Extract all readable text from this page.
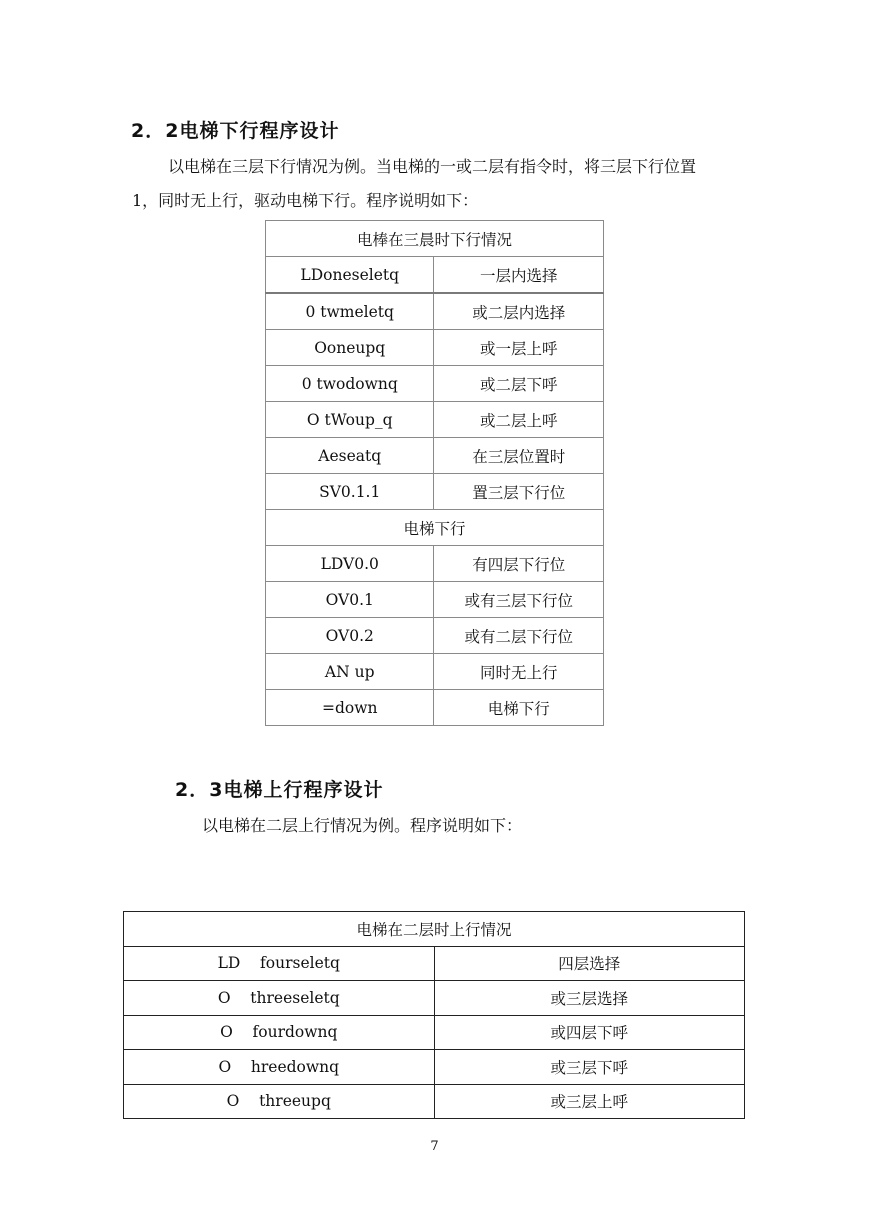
2．2电梯下行程序设计
以电梯在三层下行情况为例。当电梯的一或二层有指令时，将三层下行位置
1，同时无上行，驱动电梯下行。程序说明如下：
电棒在三晨时下行情况	
LDoneseletq	一层内选择
0 twmeletq	或二层内选择
Ooneupq	或一层上呼
0 twodownq	或二层下呼
O tWoup_q	或二层上呼
Aeseatq	在三层位置时
SV0.1.1	置三层下行位
电梯下行	
LDV0.0	有四层下行位
OV0.1	或有三层下行位
OV0.2	或有二层下行位
AN up	同时无上行
=down	电梯下行
2．3电梯上行程序设计
以电梯在二层上行情况为例。程序说明如下：
电梯在二层时上行情况	
LD    fourseletq	四层选择
O    threeseletq	或三层选择
O    fourdownq	或四层下呼
O    hreedownq	或三层下呼
O    threeupq	或三层上呼
7
